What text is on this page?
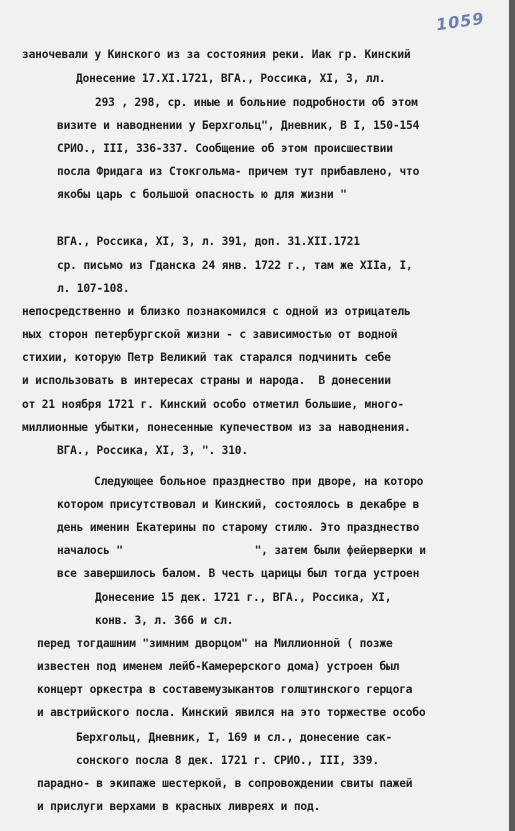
1059
заночевали у Кинского из за состояния реки. Иак гр. Кинский
Донесение 17.XI.1721, ВГА., Россика, XI, 3, лл.
293 , 298, ср. иные и больние подробности об этом
визите и наводнении у Берхгольц", Дневник, В I, 150-154
СРИО., III, 336-337. Сообщение об этом происшествии
посла Фридага из Стокгольма- причем тут прибавлено, что
якобы царь с большой опасность ю для жизни "
ВГА., Россика, XI, 3, л. 391, доп. 31.XII.1721
ср. письмо из Гданска 24 янв. 1722 г., там же XIIа, I,
л. 107-108.
непосредственно и близко познакомился с одной из отрицатель
ных сторон петербургской жизни - с зависимостью от водной
стихии, которую Петр Великий так старался подчинить себе
и использовать в интересах страны и народа.  В донесении
от 21 ноября 1721 г. Кинский особо отметил большие, много-
миллионные убытки, понесенные купечеством из за наводнения.
ВГА., Россика, XI, 3, ". 310.
Следующее больное празднество при дворе, на которо
котором присутствовал и Кинский, состоялось в декабре в
день именин Екатерины по старому стилю. Это празднество
началось "                    ", затем были фейерверки и
все завершилось балом. В честь царицы был тогда устроен
Донесение 15 дек. 1721 г., ВГА., Россика, XI,
конв. 3, л. 366 и сл.
перед тогдашним "зимним дворцом" на Миллионной ( позже
известен под именем лейб-Камерерского дома) устроен был
концерт оркестра в составемузыкантов голштинского герцога
и австрийского посла. Кинский явился на это торжестве особо
Берхгольц, Дневник, I, 169 и сл., донесение сак-
сонского посла 8 дек. 1721 г. СРИО., III, 339.
парадно- в экипаже шестеркой, в сопровождении свиты пажей
и прислуги верхами в красных ливреях и под.
